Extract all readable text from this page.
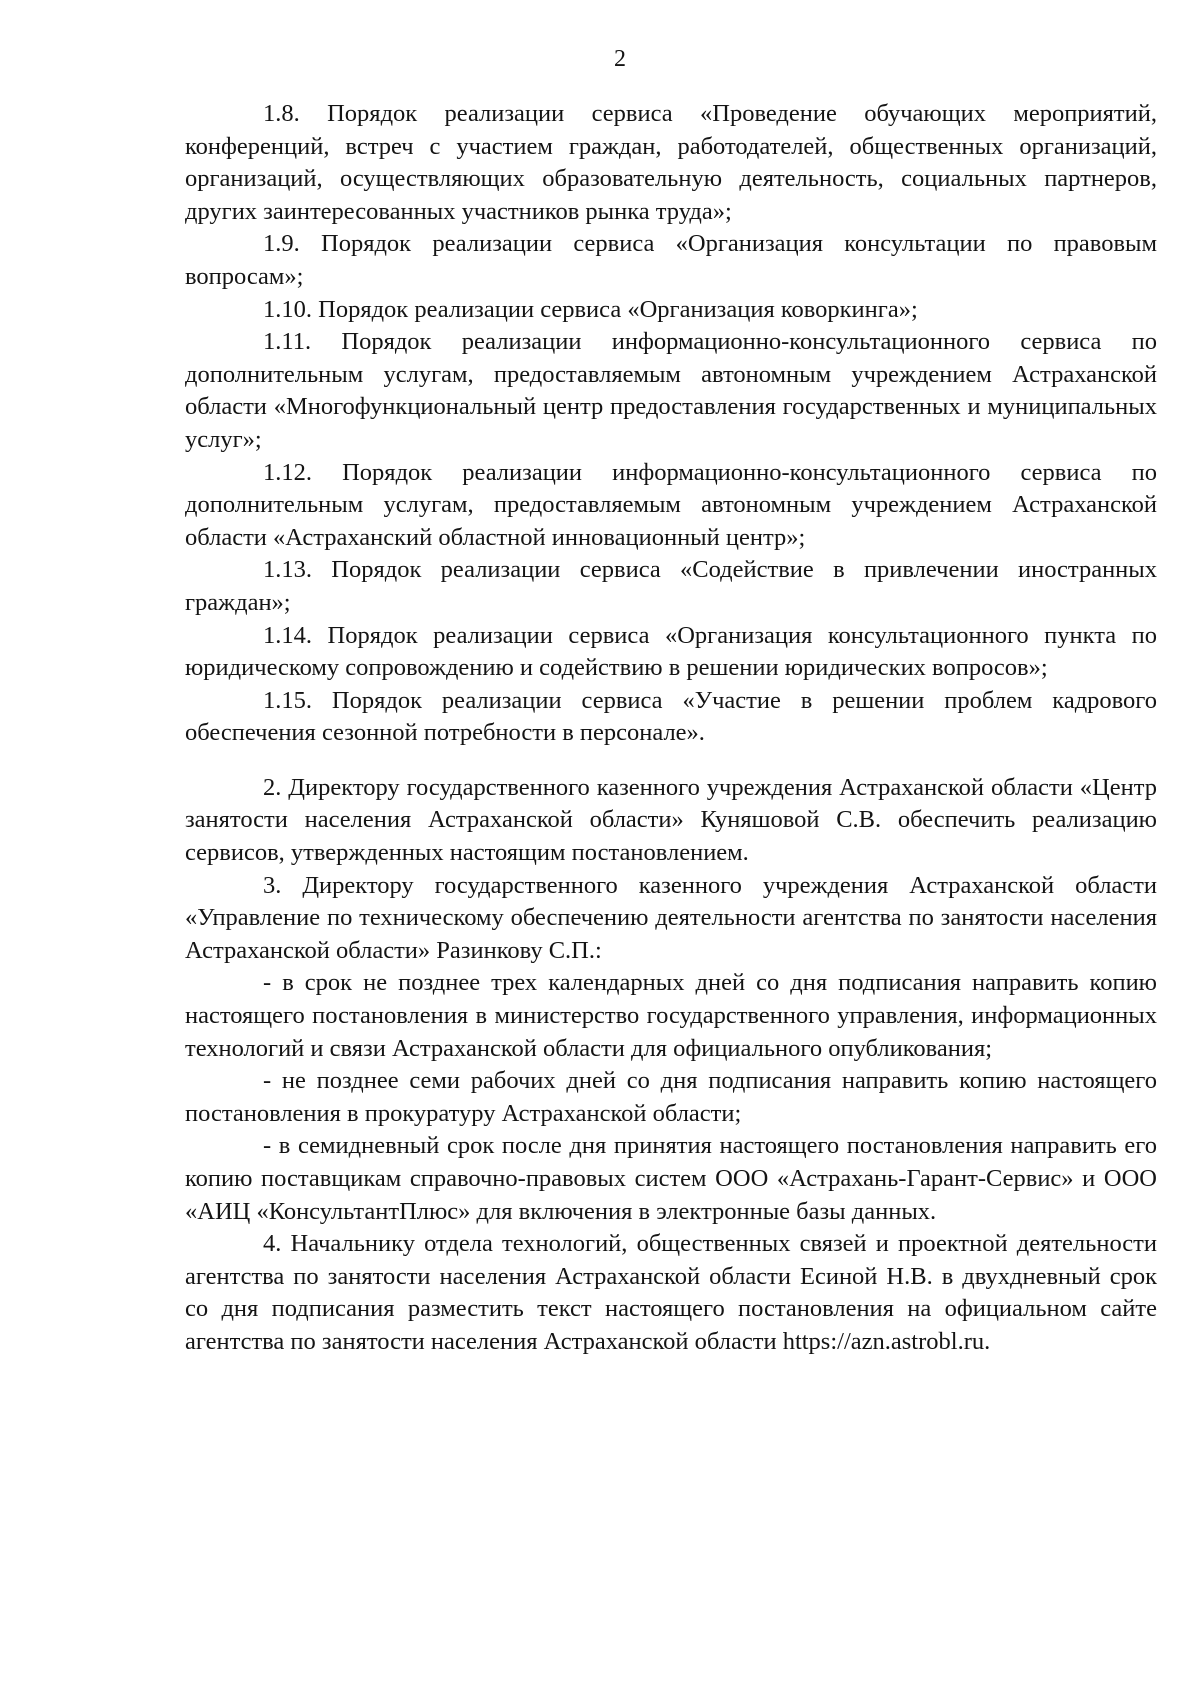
2

1.8. Порядок реализации сервиса «Проведение обучающих мероприятий, конференций, встреч с участием граждан, работодателей, общественных организаций, организаций, осуществляющих образовательную деятельность, социальных партнеров, других заинтересованных участников рынка труда»;

1.9. Порядок реализации сервиса «Организация консультации по правовым вопросам»;

1.10. Порядок реализации сервиса «Организация коворкинга»;

1.11. Порядок реализации информационно-консультационного сервиса по дополнительным услугам, предоставляемым автономным учреждением Астраханской области «Многофункциональный центр предоставления государственных и муниципальных услуг»;

1.12. Порядок реализации информационно-консультационного сервиса по дополнительным услугам, предоставляемым автономным учреждением Астраханской области «Астраханский областной инновационный центр»;

1.13. Порядок реализации сервиса «Содействие в привлечении иностранных граждан»;

1.14. Порядок реализации сервиса «Организация консультационного пункта по юридическому сопровождению и содействию в решении юридических вопросов»;

1.15. Порядок реализации сервиса «Участие в решении проблем кадрового обеспечения сезонной потребности в персонале».

2. Директору государственного казенного учреждения Астраханской области «Центр занятости населения Астраханской области» Куняшовой С.В. обеспечить реализацию сервисов, утвержденных настоящим постановлением.

3. Директору государственного казенного учреждения Астраханской области «Управление по техническому обеспечению деятельности агентства по занятости населения Астраханской области» Разинкову С.П.:

- в срок не позднее трех календарных дней со дня подписания направить копию настоящего постановления в министерство государственного управления, информационных технологий и связи Астраханской области для официального опубликования;

- не позднее семи рабочих дней со дня подписания направить копию настоящего постановления в прокуратуру Астраханской области;

- в семидневный срок после дня принятия настоящего постановления направить его копию поставщикам справочно-правовых систем ООО «Астрахань-Гарант-Сервис» и ООО «АИЦ «КонсультантПлюс» для включения в электронные базы данных.

4. Начальнику отдела технологий, общественных связей и проектной деятельности агентства по занятости населения Астраханской области Есиной Н.В. в двухдневный срок со дня подписания разместить текст настоящего постановления на официальном сайте агентства по занятости населения Астраханской области https://azn.astrobl.ru.
